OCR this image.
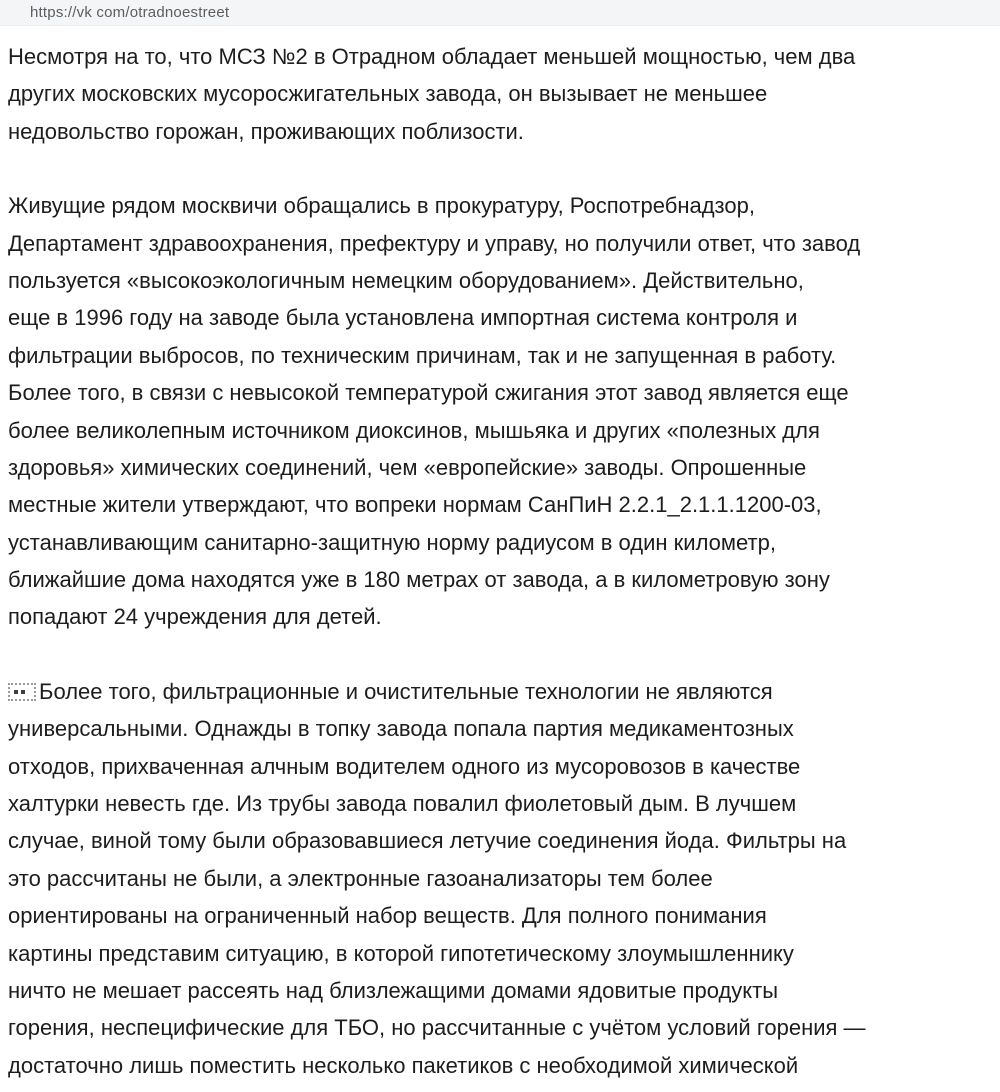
https://vk com/otradnoestreet
Несмотря на то, что МСЗ №2 в Отрадном обладает меньшей мощностью, чем два
других московских мусоросжигательных завода, он вызывает не меньшее
недовольство горожан, проживающих поблизости.
Живущие рядом москвичи обращались в прокуратуру, Роспотребнадзор,
Департамент здравоохранения, префектуру и управу, но получили ответ, что завод
пользуется «высокоэкологичным немецким оборудованием». Действительно,
еще в 1996 году на заводе была установлена импортная система контроля и
фильтрации выбросов, по техническим причинам, так и не запущенная в работу.
Более того, в связи с невысокой температурой сжигания этот завод является еще
более великолепным источником диоксинов, мышьяка и других «полезных для
здоровья» химических соединений, чем «европейские» заводы. Опрошенные
местные жители утверждают, что вопреки нормам СанПиН 2.2.1_2.1.1.1200-03,
устанавливающим санитарно-защитную норму радиусом в один километр,
ближайшие дома находятся уже в 180 метрах от завода, а в километровую зону
попадают 24 учреждения для детей.
Более того, фильтрационные и очистительные технологии не являются
универсальными. Однажды в топку завода попала партия медикаментозных
отходов, прихваченная алчным водителем одного из мусоровозов в качестве
халтурки невесть где. Из трубы завода повалил фиолетовый дым. В лучшем
случае, виной тому были образовавшиеся летучие соединения йода. Фильтры на
это рассчитаны не были, а электронные газоанализаторы тем более
ориентированы на ограниченный набор веществ. Для полного понимания
картины представим ситуацию, в которой гипотетическому злоумышленнику
ничто не мешает рассеять над близлежащими домами ядовитые продукты
горения, неспецифические для ТБО, но рассчитанные с учётом условий горения —
достаточно лишь поместить несколько пакетиков с необходимой химической
